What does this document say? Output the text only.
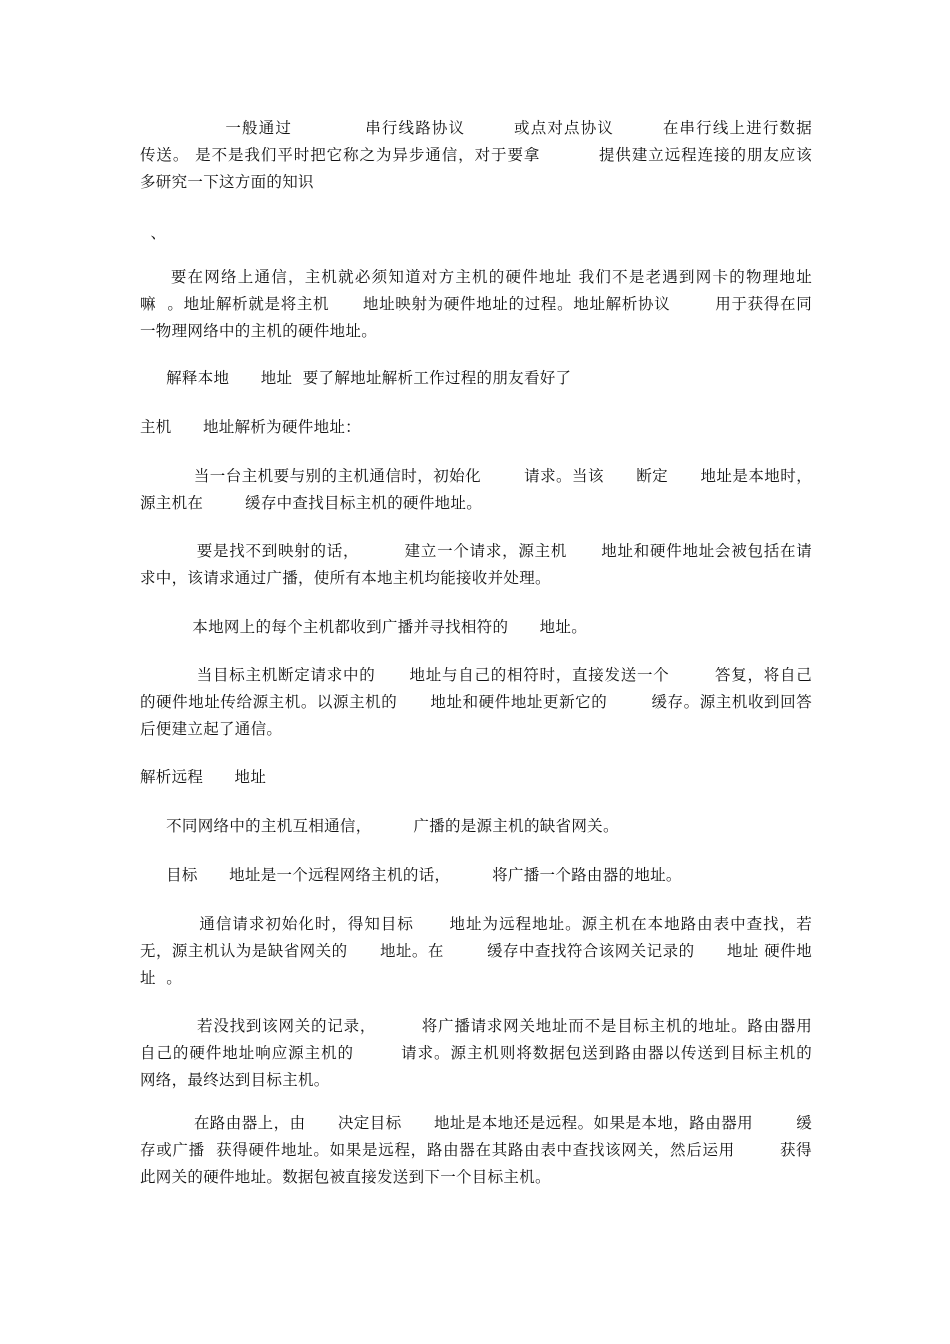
一般通过            串行线路协议        或点对点协议        在串行线上进行数据
传送。 是不是我们平时把它称之为异步通信，对于要拿          提供建立远程连接的朋友应该
多研究一下这方面的知识
、
要在网络上通信，主机就必须知道对方主机的硬件地址 我们不是老遇到网卡的物理地址
嘛  。地址解析就是将主机      地址映射为硬件地址的过程。地址解析协议        用于获得在同
一物理网络中的主机的硬件地址。
解释本地      地址  要了解地址解析工作过程的朋友看好了
主机      地址解析为硬件地址：
当一台主机要与别的主机通信时，初始化        请求。当该      断定      地址是本地时，
源主机在        缓存中查找目标主机的硬件地址。
要是找不到映射的话，        建立一个请求，源主机      地址和硬件地址会被包括在请
求中，该请求通过广播，使所有本地主机均能接收并处理。
本地网上的每个主机都收到广播并寻找相符的      地址。
当目标主机断定请求中的      地址与自己的相符时，直接发送一个        答复，将自己
的硬件地址传给源主机。以源主机的      地址和硬件地址更新它的        缓存。源主机收到回答
后便建立起了通信。
解析远程      地址
不同网络中的主机互相通信，        广播的是源主机的缺省网关。
目标      地址是一个远程网络主机的话，        将广播一个路由器的地址。
通信请求初始化时，得知目标      地址为远程地址。源主机在本地路由表中查找，若
无，源主机认为是缺省网关的      地址。在        缓存中查找符合该网关记录的      地址 硬件地
址  。
若没找到该网关的记录，        将广播请求网关地址而不是目标主机的地址。路由器用
自己的硬件地址响应源主机的        请求。源主机则将数据包送到路由器以传送到目标主机的
网络，最终达到目标主机。
在路由器上，由      决定目标      地址是本地还是远程。如果是本地，路由器用        缓
存或广播  获得硬件地址。如果是远程，路由器在其路由表中查找该网关，然后运用        获得
此网关的硬件地址。数据包被直接发送到下一个目标主机。
